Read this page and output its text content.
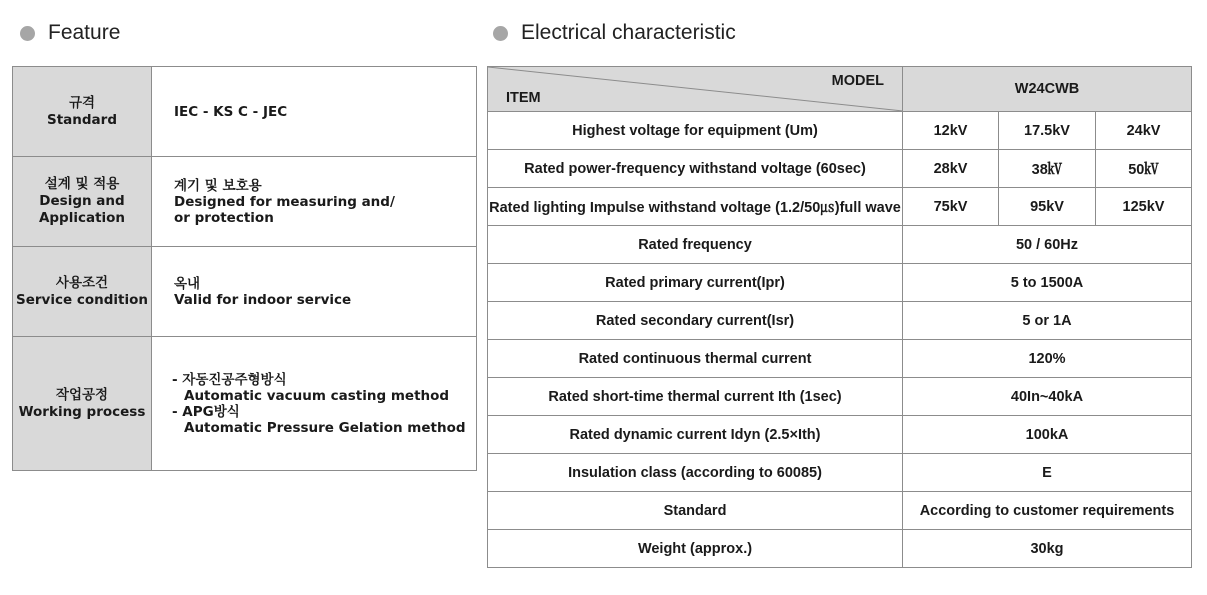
Feature	Electrical characteristic
규격
Standard	IEC - KS C - JEC

설계 및 적용
Design and
Application	계기 및 보호용
Designed for measuring and/
or protection

사용조건
Service condition	옥내
Valid for indoor service

작업공정
Working process	- 자동진공주형방식
Automatic vacuum casting method
- APG방식
Automatic Pressure Gelation method
MODEL
ITEM	W24CWB		
Highest voltage for equipment (Um)	12kV	17.5kV	24kV
Rated power-frequency withstand voltage (60sec)	28kV	38㎸	50㎸
Rated lighting Impulse withstand voltage (1.2/50㎲)full wave	75kV	95kV	125kV
Rated frequency	50 / 60Hz		
Rated primary current(Ipr)	5 to 1500A		
Rated secondary current(Isr)	5 or 1A		
Rated continuous thermal current	120%		
Rated short-time thermal current Ith (1sec)	40In~40kA		
Rated dynamic current Idyn (2.5×Ith)	100kA		
Insulation class (according to 60085)	E		
Standard	According to customer requirements		
Weight (approx.)	30kg		
